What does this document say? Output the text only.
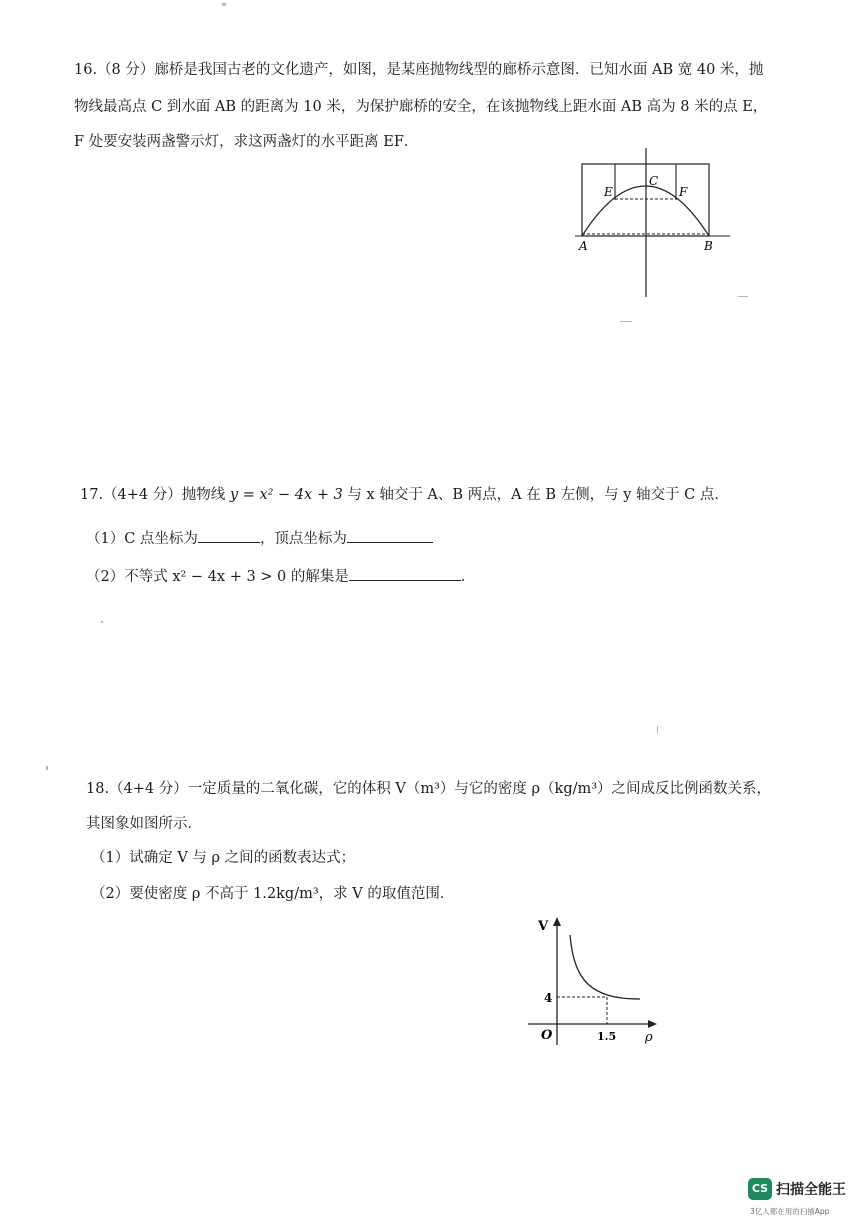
16.（8 分）廊桥是我国古老的文化遗产，如图，是某座抛物线型的廊桥示意图．已知水面 AB 宽 40 米，抛
物线最高点 C 到水面 AB 的距离为 10 米，为保护廊桥的安全，在该抛物线上距水面 AB 高为 8 米的点 E，
F 处要安装两盏警示灯，求这两盏灯的水平距离 EF．
A	B
C
E	F
17.（4+4 分）抛物线 y = x² − 4x + 3 与 x 轴交于 A、B 两点，A 在 B 左侧，与 y 轴交于 C 点．
（1）C 点坐标为	，顶点坐标为
（2）不等式 x² − 4x + 3 > 0 的解集是	．
18.（4+4 分）一定质量的二氧化碳，它的体积 V（m³）与它的密度 ρ（kg/m³）之间成反比例函数关系，
其图象如图所示．
（1）试确定 V 与 ρ 之间的函数表达式；
（2）要使密度 ρ 不高于 1.2kg/m³，求 V 的取值范围．
V
ρ
O
4
1.5
CS 扫描全能王
3亿人都在用的扫描App
